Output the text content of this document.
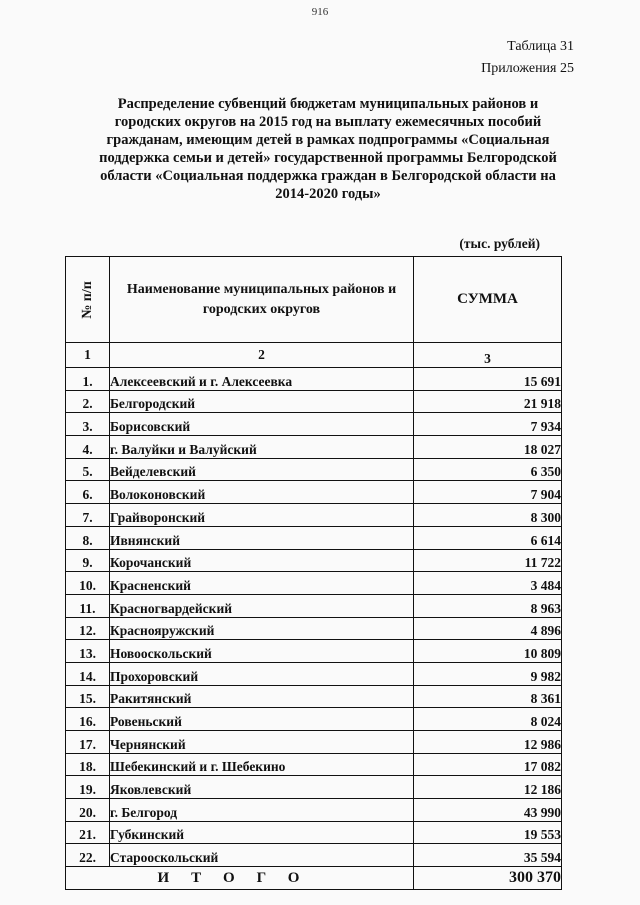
916
Таблица 31
Приложения 25
Распределение субвенций бюджетам муниципальных районов и городских округов на 2015 год на выплату ежемесячных пособий гражданам, имеющим детей в рамках подпрограммы «Социальная поддержка семьи и детей» государственной программы Белгородской области «Социальная поддержка граждан в Белгородской области на 2014-2020 годы»
(тыс. рублей)
№ п/п	Наименование муниципальных районов и городских округов	СУММА
1	2	3
1.	Алексеевский и г. Алексеевка	15 691
2.	Белгородский	21 918
3.	Борисовский	7 934
4.	г. Валуйки и Валуйский	18 027
5.	Вейделевский	6 350
6.	Волоконовский	7 904
7.	Грайворонский	8 300
8.	Ивнянский	6 614
9.	Корочанский	11 722
10.	Красненский	3 484
11.	Красногвардейский	8 963
12.	Краснояружский	4 896
13.	Новооскольский	10 809
14.	Прохоровский	9 982
15.	Ракитянский	8 361
16.	Ровеньский	8 024
17.	Чернянский	12 986
18.	Шебекинский и г. Шебекино	17 082
19.	Яковлевский	12 186
20.	г. Белгород	43 990
21.	Губкинский	19 553
22.	Старооскольский	35 594
ИТОГО		300 370
